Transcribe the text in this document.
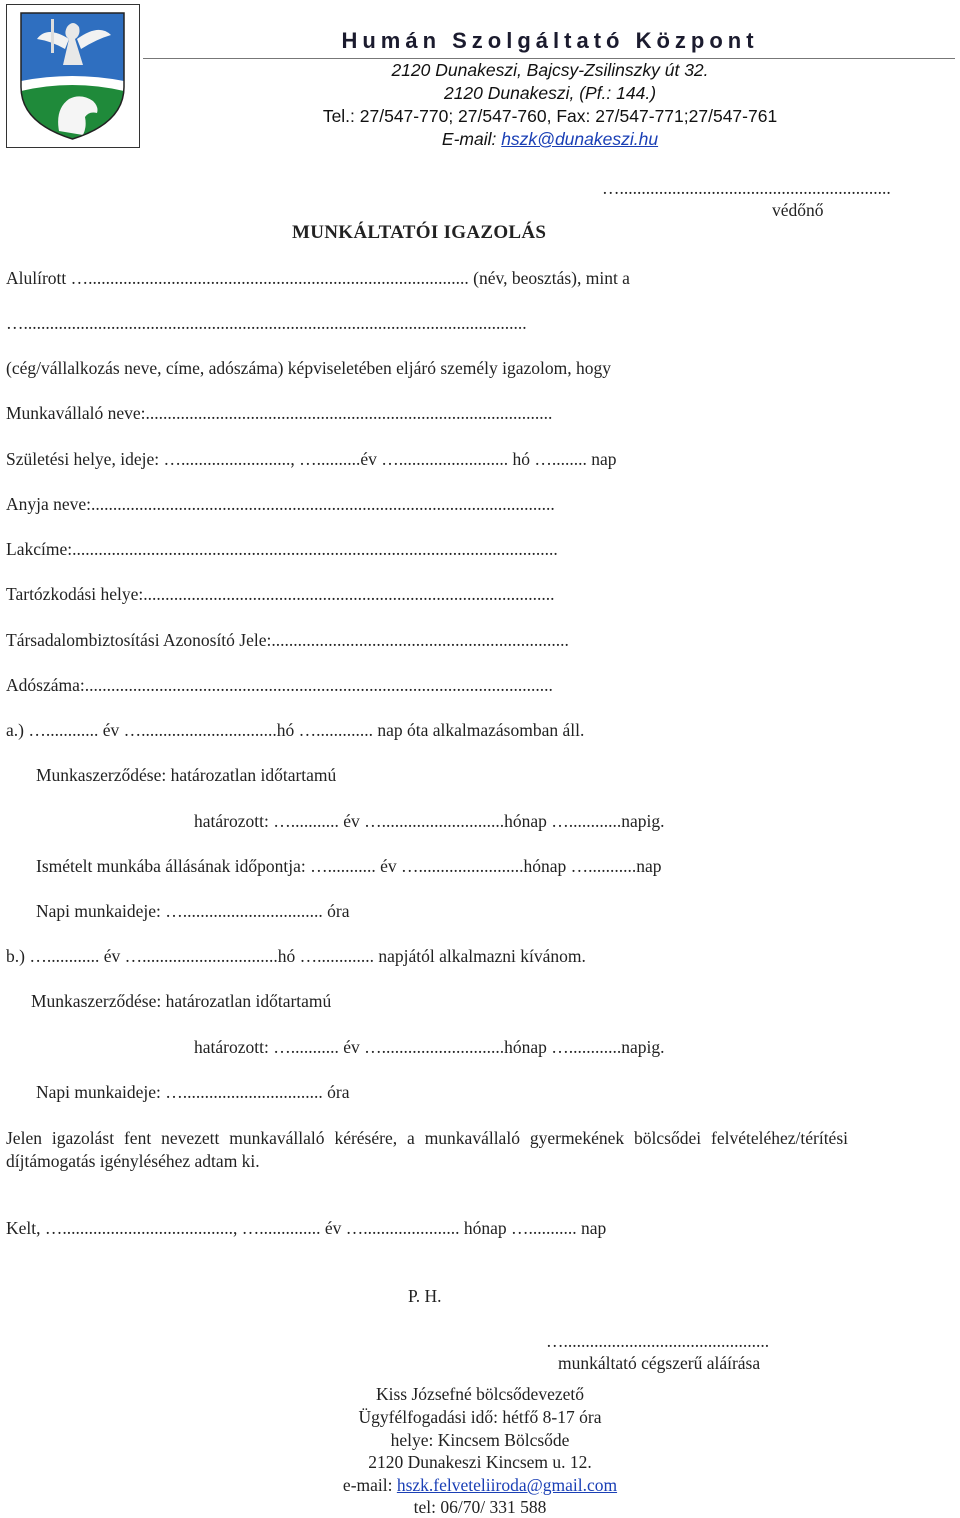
Humán Szolgáltató Központ
2120 Dunakeszi, Bajcsy-Zsilinszky út 32.
2120 Dunakeszi, (Pf.: 144.)
Tel.: 27/547-770; 27/547-760, Fax: 27/547-771;27/547-761
E-mail: hszk@dunakeszi.hu
…..............................................................
védőnő
MUNKÁLTATÓI IGAZOLÁS
Alulírott …....................................................................................... (név, beosztás), mint a
…...................................................................................................................
(cég/vállalkozás neve, címe, adószáma) képviseletében eljáró személy igazolom, hogy
Munkavállaló neve:.............................................................................................
Születési helye, ideje: …........................., …..........év …......................... hó …........ nap
Anyja neve:..........................................................................................................
Lakcíme:...............................................................................................................
Tartózkodási helye:..............................................................................................
Társadalombiztosítási Azonosító Jele:....................................................................
Adószáma:...........................................................................................................
a.) …............ év …...............................hó …............. nap óta alkalmazásomban áll.
Munkaszerződése: határozatlan időtartamú
határozott: …........... év …............................hónap …............napig.
Ismételt munkába állásának időpontja: …........... év …........................hónap …...........nap
Napi munkaideje: …................................ óra
b.) …............ év …...............................hó …............. napjától alkalmazni kívánom.
Munkaszerződése: határozatlan időtartamú
határozott: …........... év …............................hónap …............napig.
Napi munkaideje: …................................ óra
Jelen igazolást fent nevezett munkavállaló kérésére, a munkavállaló gyermekének bölcsődei felvételéhez/térítési díjtámogatás igényléséhez adtam ki.
Kelt, …......................................., ….............. év …...................... hónap …........... nap
P. H.
…...............................................
munkáltató cégszerű aláírása
Kiss Józsefné bölcsődevezető
Ügyfélfogadási idő: hétfő 8-17 óra
helye: Kincsem Bölcsőde
2120 Dunakeszi Kincsem u. 12.
e-mail: hszk.felveteliiroda@gmail.com
tel: 06/70/ 331 588
